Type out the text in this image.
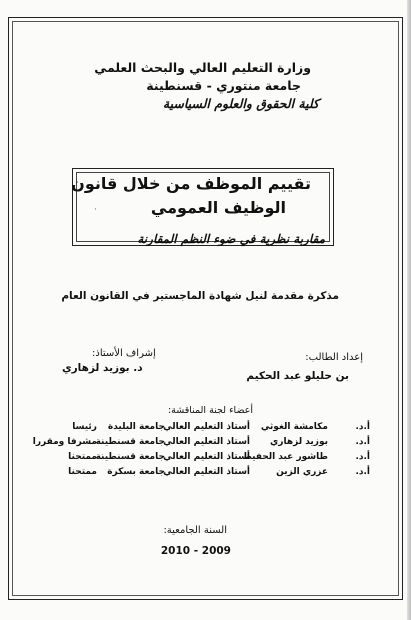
وزارة التعليم العالي والبحث العلمي
جامعة منتوري - قسنطينة
كلية الحقوق والعلوم السياسية
تقييم الموظف من خلال قانون
الوظيف العمومي
·
مقاربة نظرية في ضوء النظم المقارنة
مذكرة مقدمة لنيل شهادة الماجستير في القانون العام
إعداد الطالب:
بن حليلو عبد الحكيم
إشراف الأستاذ:
د. بوزيد لزهاري
أعضاء لجنة المناقشة:
أ.د.
مكامشة الغوثي
أستاذ التعليم العالي
جامعة البليدة
رئيسا
أ.د.
بوزيد لزهاري
أستاذ التعليم العالي
جامعة قسنطينة
مشرفا ومقررا
أ.د.
طاشور عبد الحفيظ
أستاذ التعليم العالي
جامعة قسنطينة
ممتحنا
أ.د.
عزري الزين
أستاذ التعليم العالي
جامعة بسكرة
ممتحنا
السنة الجامعية:
2010 - 2009
